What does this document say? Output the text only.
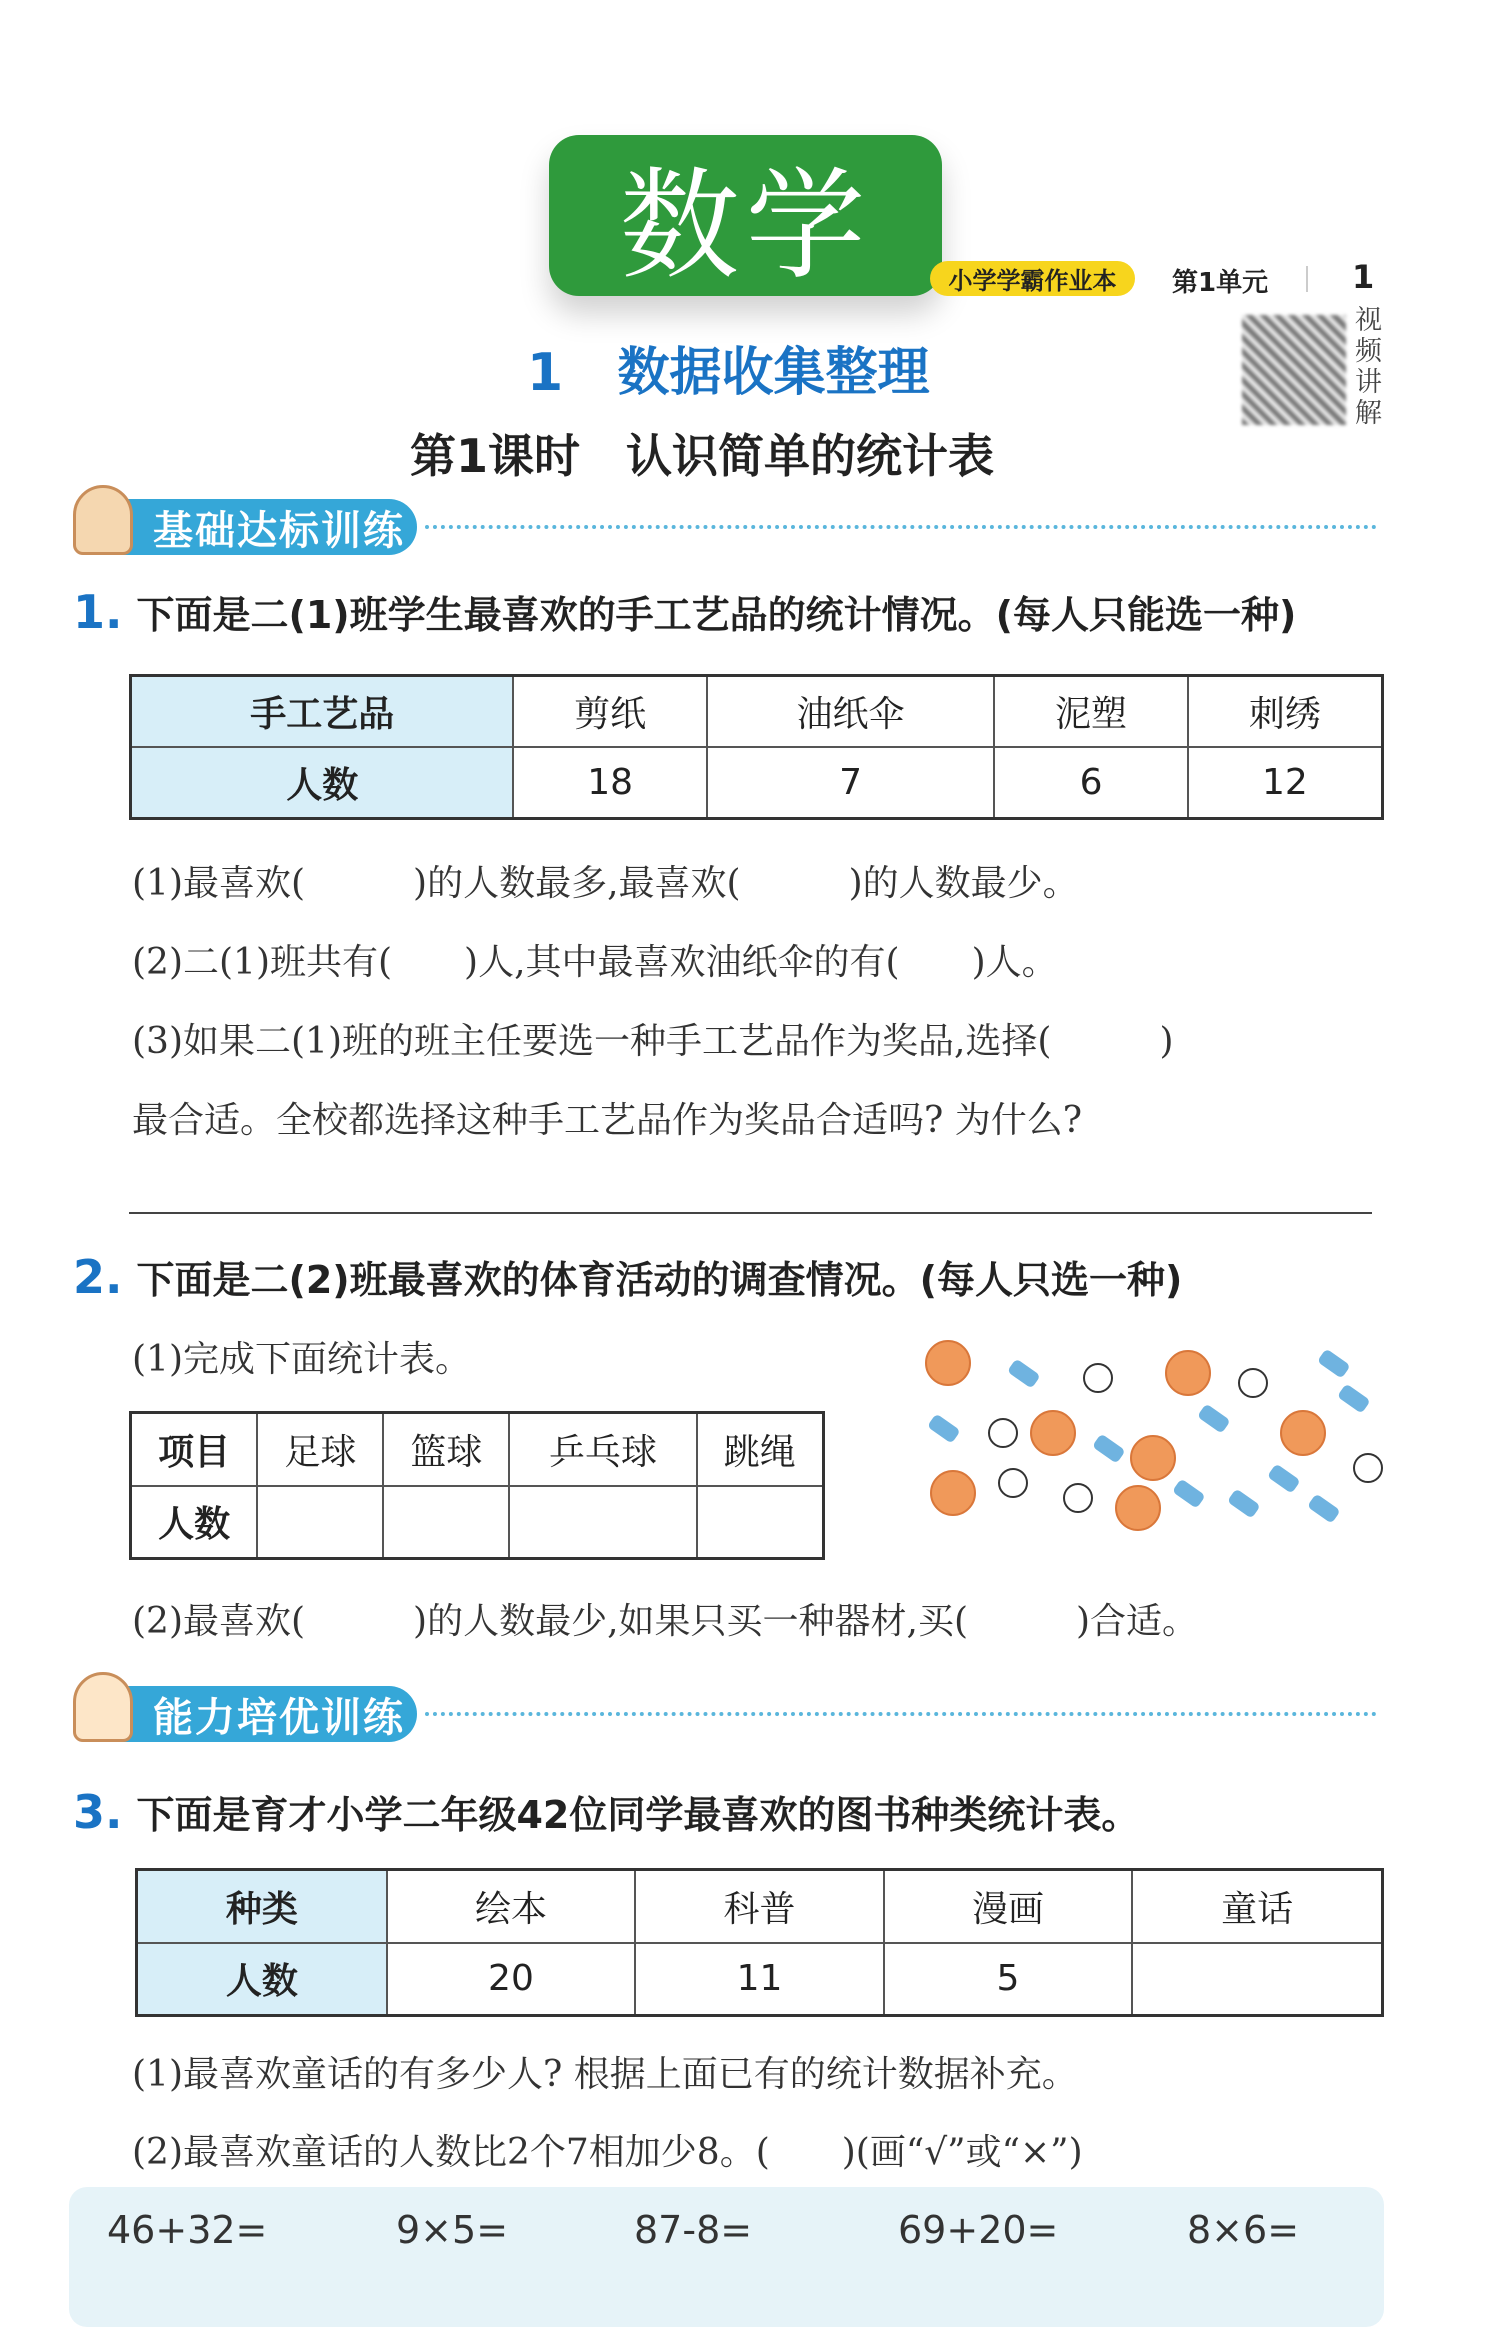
数学	小学学霸作业本	第1单元	1
视频讲解
1 数据收集整理
第1课时　认识简单的统计表
基础达标训练
1. 下面是二(1)班学生最喜欢的手工艺品的统计情况。(每人只能选一种)
手工艺品	剪纸	油纸伞	泥塑	刺绣
人数	18	7	6	12
(1)最喜欢(　　　)的人数最多,最喜欢(　　　)的人数最少。
(2)二(1)班共有(　　)人,其中最喜欢油纸伞的有(　　)人。
(3)如果二(1)班的班主任要选一种手工艺品作为奖品,选择(　　　)
最合适。全校都选择这种手工艺品作为奖品合适吗? 为什么?
2. 下面是二(2)班最喜欢的体育活动的调查情况。(每人只选一种)
(1)完成下面统计表。
项目	足球	篮球	乒乓球	跳绳
人数				
(2)最喜欢(　　　)的人数最少,如果只买一种器材,买(　　　)合适。
能力培优训练
3. 下面是育才小学二年级42位同学最喜欢的图书种类统计表。
种类	绘本	科普	漫画	童话
人数	20	11	5	
(1)最喜欢童话的有多少人? 根据上面已有的统计数据补充。
(2)最喜欢童话的人数比2个7相加少8。(　　)(画“√”或“×”)
46+32=	9×5=	87-8=	69+20=	8×6=
